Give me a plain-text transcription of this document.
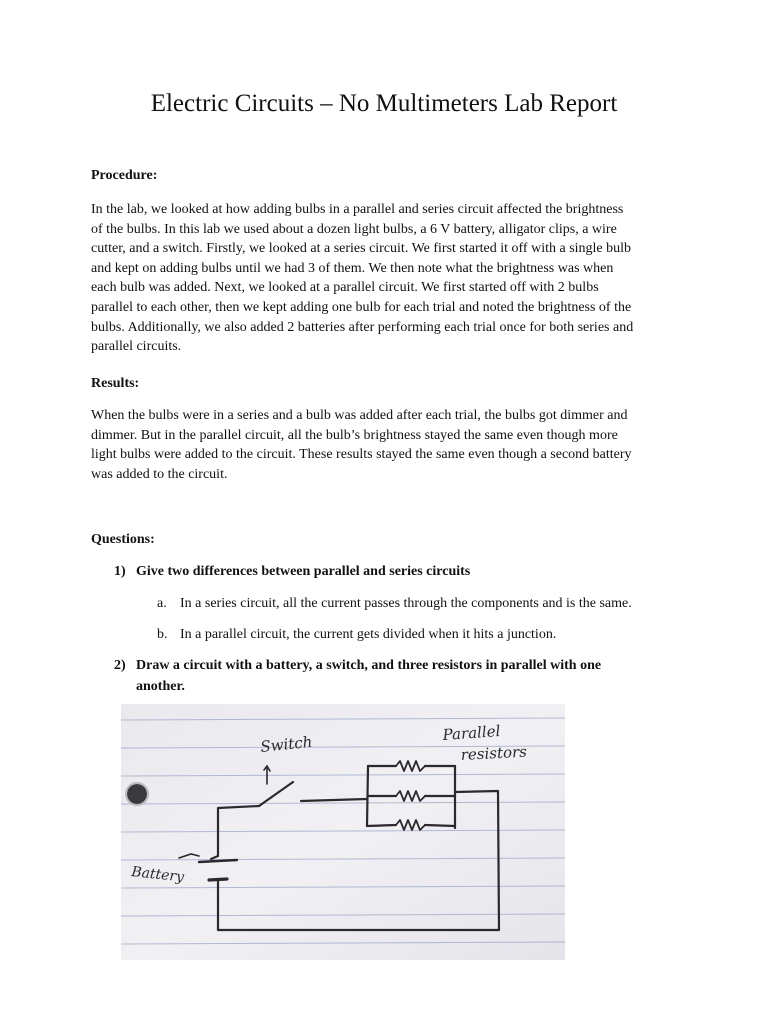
Electric Circuits – No Multimeters Lab Report

Procedure:

In the lab, we looked at how adding bulbs in a parallel and series circuit affected the brightness
of the bulbs. In this lab we used about a dozen light bulbs, a 6 V battery, alligator clips, a wire
cutter, and a switch. Firstly, we looked at a series circuit. We first started it off with a single bulb
and kept on adding bulbs until we had 3 of them. We then note what the brightness was when
each bulb was added. Next, we looked at a parallel circuit. We first started off with 2 bulbs
parallel to each other, then we kept adding one bulb for each trial and noted the brightness of the
bulbs. Additionally, we also added 2 batteries after performing each trial once for both series and
parallel circuits.

Results:

When the bulbs were in a series and a bulb was added after each trial, the bulbs got dimmer and
dimmer. But in the parallel circuit, all the bulb’s brightness stayed the same even though more
light bulbs were added to the circuit. These results stayed the same even though a second battery
was added to the circuit.

Questions:

1) Give two differences between parallel and series circuits

a. In a series circuit, all the current passes through the components and is the same.

b. In a parallel circuit, the current gets divided when it hits a junction.

2) Draw a circuit with a battery, a switch, and three resistors in parallel with one
another.
Switch	Parallel
resistors
Battery
